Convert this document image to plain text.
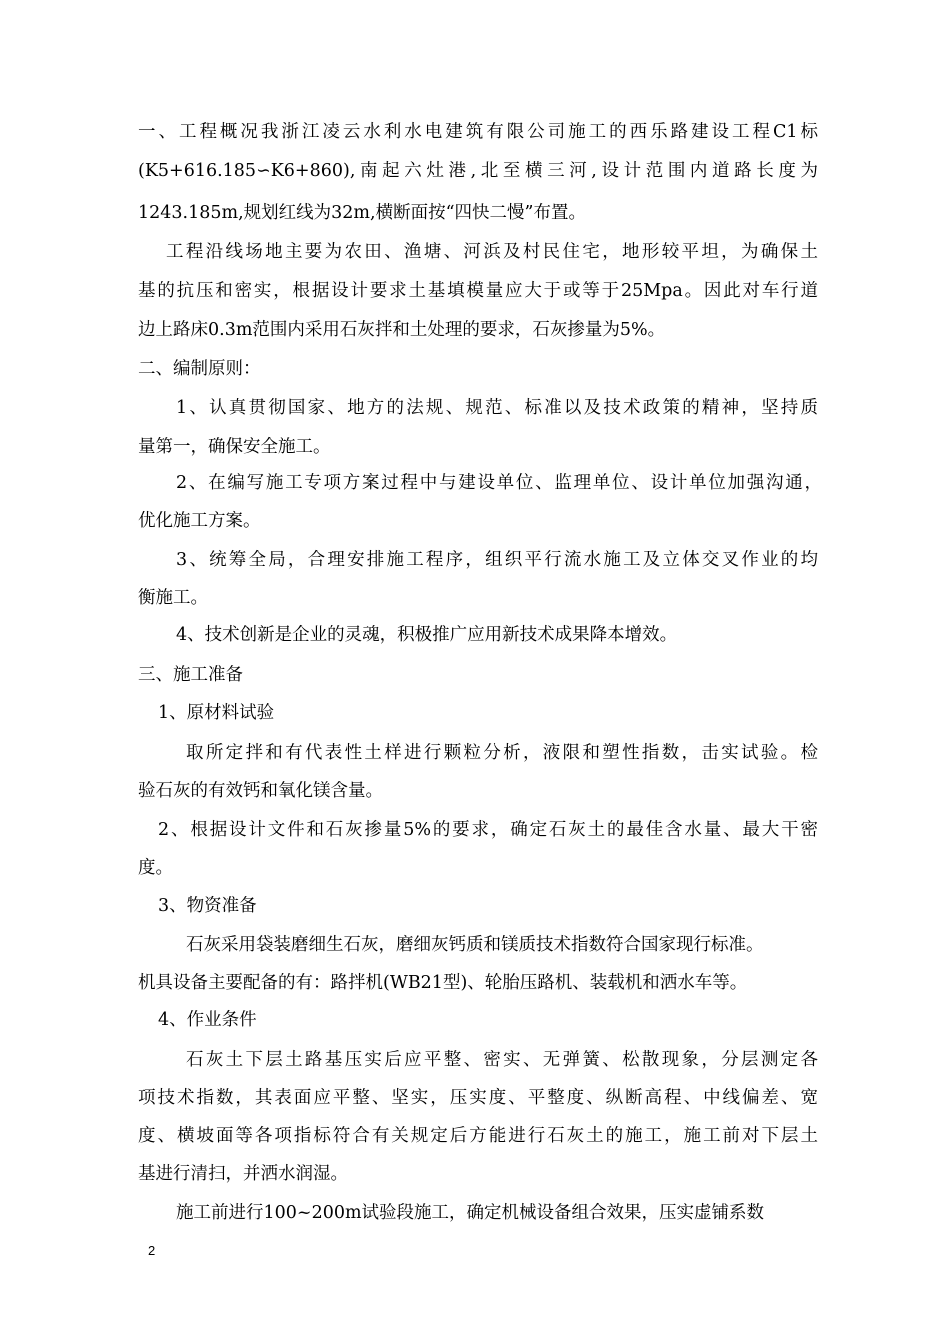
一、工程概况我浙江凌云水利水电建筑有限公司施工的西乐路建设工程C1标
(K5+616.185∽K6+860),南起六灶港,北至横三河,设计范围内道路长度为
1243.185m,规划红线为32m,横断面按“四快二慢”布置。
工程沿线场地主要为农田、渔塘、河浜及村民住宅，地形较平坦，为确保土
基的抗压和密实，根据设计要求土基填模量应大于或等于25Mpa。因此对车行道
边上路床0.3m范围内采用石灰拌和土处理的要求，石灰掺量为5%。
二、编制原则：
1、认真贯彻国家、地方的法规、规范、标准以及技术政策的精神，坚持质
量第一，确保安全施工。
2、在编写施工专项方案过程中与建设单位、监理单位、设计单位加强沟通，
优化施工方案。
3、统筹全局，合理安排施工程序，组织平行流水施工及立体交叉作业的均
衡施工。
4、技术创新是企业的灵魂，积极推广应用新技术成果降本增效。
三、施工准备
1、原材料试验
取所定拌和有代表性土样进行颗粒分析，液限和塑性指数，击实试验。检
验石灰的有效钙和氧化镁含量。
2、根据设计文件和石灰掺量5%的要求，确定石灰土的最佳含水量、最大干密
度。
3、物资准备
石灰采用袋装磨细生石灰，磨细灰钙质和镁质技术指数符合国家现行标准。
机具设备主要配备的有：路拌机(WB21型)、轮胎压路机、装载机和洒水车等。
4、作业条件
石灰土下层土路基压实后应平整、密实、无弹簧、松散现象，分层测定各
项技术指数，其表面应平整、坚实，压实度、平整度、纵断高程、中线偏差、宽
度、横坡面等各项指标符合有关规定后方能进行石灰土的施工，施工前对下层土
基进行清扫，并洒水润湿。
施工前进行100~200m试验段施工，确定机械设备组合效果，压实虚铺系数
2
